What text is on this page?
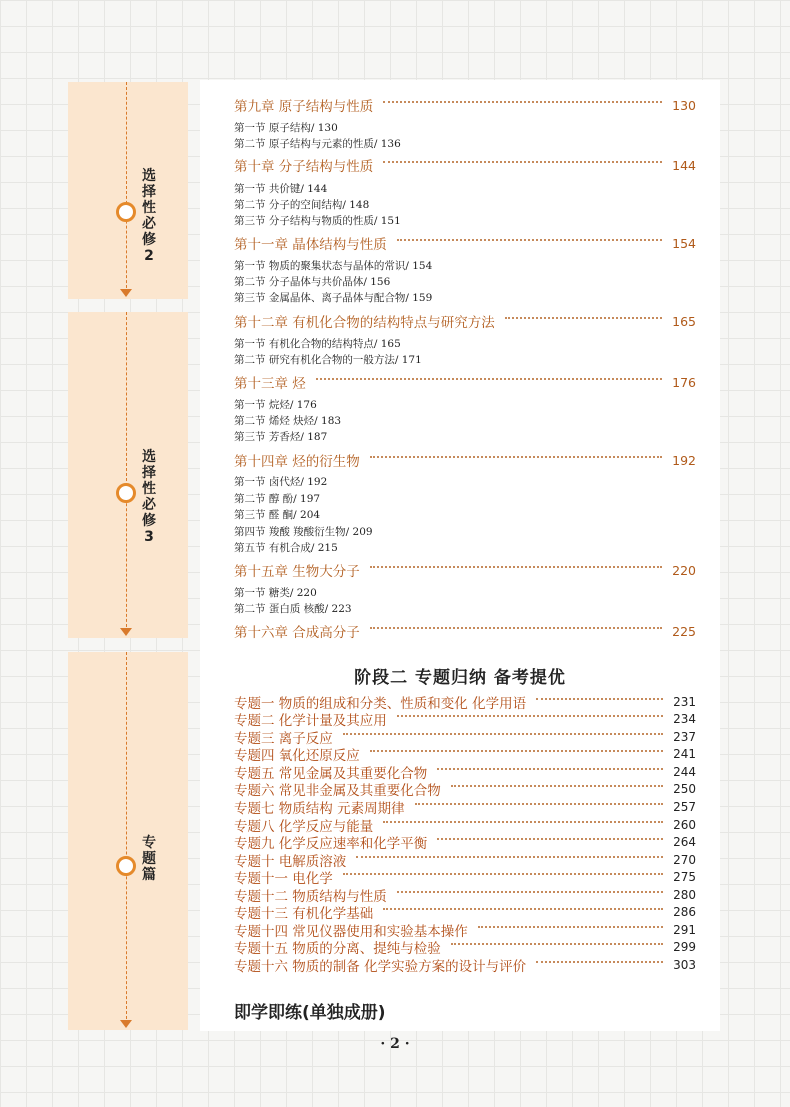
选择性必修2
选择性必修3
专题篇
第九章 原子结构与性质	130
第一节 原子结构/ 130
第二节 原子结构与元素的性质/ 136
第十章 分子结构与性质	144
第一节 共价键/ 144
第二节 分子的空间结构/ 148
第三节 分子结构与物质的性质/ 151
第十一章 晶体结构与性质	154
第一节 物质的聚集状态与晶体的常识/ 154
第二节 分子晶体与共价晶体/ 156
第三节 金属晶体、离子晶体与配合物/ 159
第十二章 有机化合物的结构特点与研究方法	165
第一节 有机化合物的结构特点/ 165
第二节 研究有机化合物的一般方法/ 171
第十三章 烃	176
第一节 烷烃/ 176
第二节 烯烃 炔烃/ 183
第三节 芳香烃/ 187
第十四章 烃的衍生物	192
第一节 卤代烃/ 192
第二节 醇 酚/ 197
第三节 醛 酮/ 204
第四节 羧酸 羧酸衍生物/ 209
第五节 有机合成/ 215
第十五章 生物大分子	220
第一节 糖类/ 220
第二节 蛋白质 核酸/ 223
第十六章 合成高分子	225
阶段二 专题归纳 备考提优
专题一 物质的组成和分类、性质和变化 化学用语	231
专题二 化学计量及其应用	234
专题三 离子反应	237
专题四 氧化还原反应	241
专题五 常见金属及其重要化合物	244
专题六 常见非金属及其重要化合物	250
专题七 物质结构 元素周期律	257
专题八 化学反应与能量	260
专题九 化学反应速率和化学平衡	264
专题十 电解质溶液	270
专题十一 电化学	275
专题十二 物质结构与性质	280
专题十三 有机化学基础	286
专题十四 常见仪器使用和实验基本操作	291
专题十五 物质的分离、提纯与检验	299
专题十六 物质的制备 化学实验方案的设计与评价	303
即学即练(单独成册)
· 2 ·
